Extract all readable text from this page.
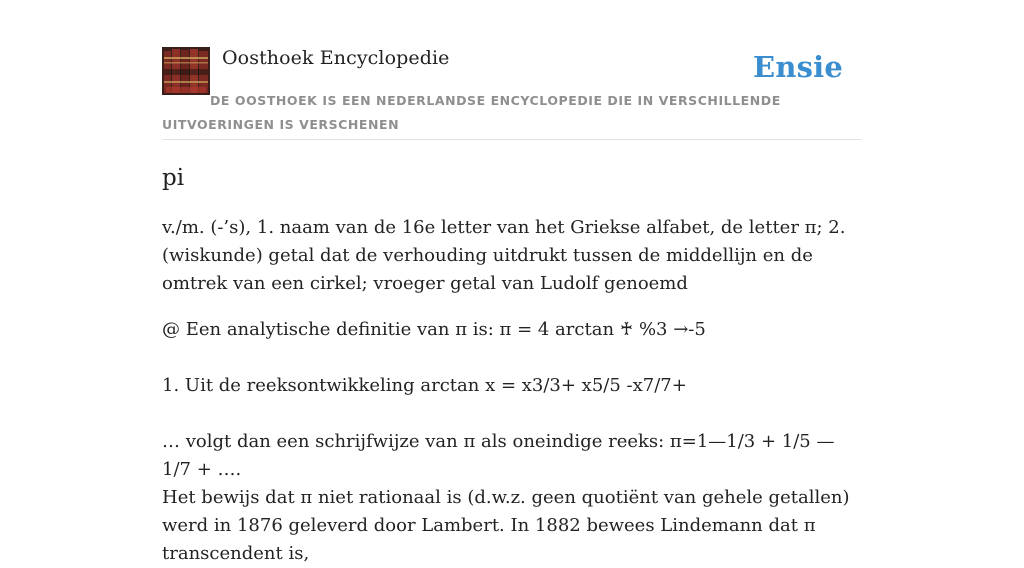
Oosthoek Encyclopedie	Ensie
DE OOSTHOEK IS EEN NEDERLANDSE ENCYCLOPEDIE DIE IN VERSCHILLENDE UITVOERINGEN IS VERSCHENEN
pi

v./m. (-’s), 1. naam van de 16e letter van het Griekse alfabet, de letter π; 2. (wiskunde) getal dat de verhouding uitdrukt tussen de middellijn en de omtrek van een cirkel; vroeger getal van Ludolf genoemd

@ Een analytische definitie van π is: π = 4 arctan ♰ %3 →-5

1. Uit de reeksontwikkeling arctan x = x3/3+ x5/5 -x7/7+

… volgt dan een schrijfwijze van π als oneindige reeks: π=1—1/3 + 1/5 — 1/7 + ….
Het bewijs dat π niet rationaal is (d.w.z. geen quotiënt van gehele getallen) werd in 1876 geleverd door Lambert. In 1882 bewees Lindemann dat π transcendent is,
